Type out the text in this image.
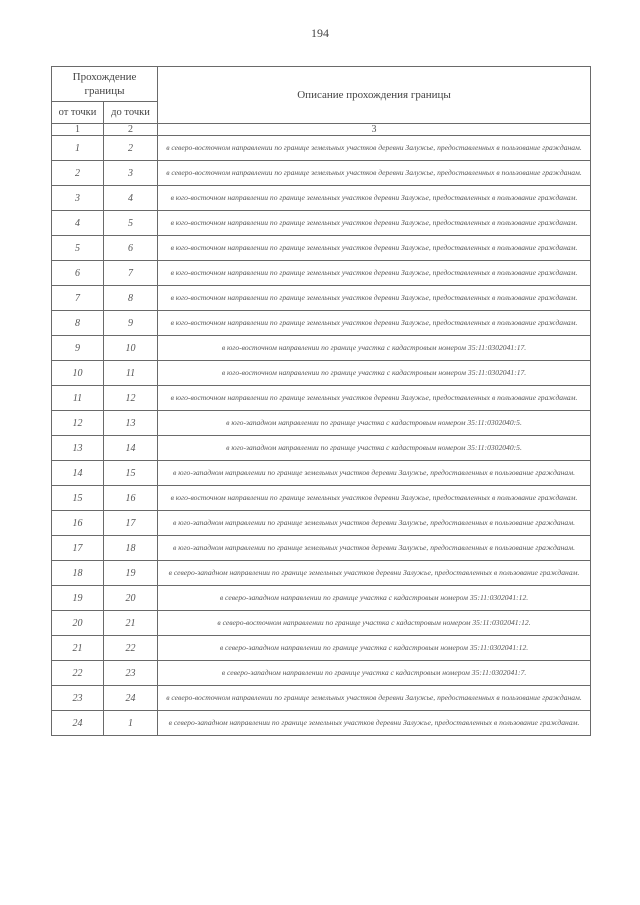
194
Прохождение границы		Описание прохождения границы
от точки	до точки	
1	2	3
1	2	в северо-восточном направлении по границе земельных участков деревни Залужье, предоставленных в пользование гражданам.
2	3	в северо-восточном направлении по границе земельных участков деревни Залужье, предоставленных в пользование гражданам.
3	4	в юго-восточном направлении по границе земельных участков деревни Залужье, предоставленных в пользование гражданам.
4	5	в юго-восточном направлении по границе земельных участков деревни Залужье, предоставленных в пользование гражданам.
5	6	в юго-восточном направлении по границе земельных участков деревни Залужье, предоставленных в пользование гражданам.
6	7	в юго-восточном направлении по границе земельных участков деревни Залужье, предоставленных в пользование гражданам.
7	8	в юго-восточном направлении по границе земельных участков деревни Залужье, предоставленных в пользование гражданам.
8	9	в юго-восточном направлении по границе земельных участков деревни Залужье, предоставленных в пользование гражданам.
9	10	в юго-восточном направлении по границе участка с кадастровым номером 35:11:0302041:17.
10	11	в юго-восточном направлении по границе участка с кадастровым номером 35:11:0302041:17.
11	12	в юго-восточном направлении по границе земельных участков деревни Залужье, предоставленных в пользование гражданам.
12	13	в юго-западном направлении по границе участка с кадастровым номером 35:11:0302040:5.
13	14	в юго-западном направлении по границе участка с кадастровым номером 35:11:0302040:5.
14	15	в юго-западном направлении по границе земельных участков деревни Залужье, предоставленных в пользование гражданам.
15	16	в юго-восточном направлении по границе земельных участков деревни Залужье, предоставленных в пользование гражданам.
16	17	в юго-западном направлении по границе земельных участков деревни Залужье, предоставленных в пользование гражданам.
17	18	в юго-западном направлении по границе земельных участков деревни Залужье, предоставленных в пользование гражданам.
18	19	в северо-западном направлении по границе земельных участков деревни Залужье, предоставленных в пользование гражданам.
19	20	в северо-западном направлении по границе участка с кадастровым номером 35:11:0302041:12.
20	21	в северо-восточном направлении по границе участка с кадастровым номером 35:11:0302041:12.
21	22	в северо-западном направлении по границе участка с кадастровым номером 35:11:0302041:12.
22	23	в северо-западном направлении по границе участка с кадастровым номером 35:11:0302041:7.
23	24	в северо-восточном направлении по границе земельных участков деревни Залужье, предоставленных в пользование гражданам.
24	1	в северо-западном направлении по границе земельных участков деревни Залужье, предоставленных в пользование гражданам.
